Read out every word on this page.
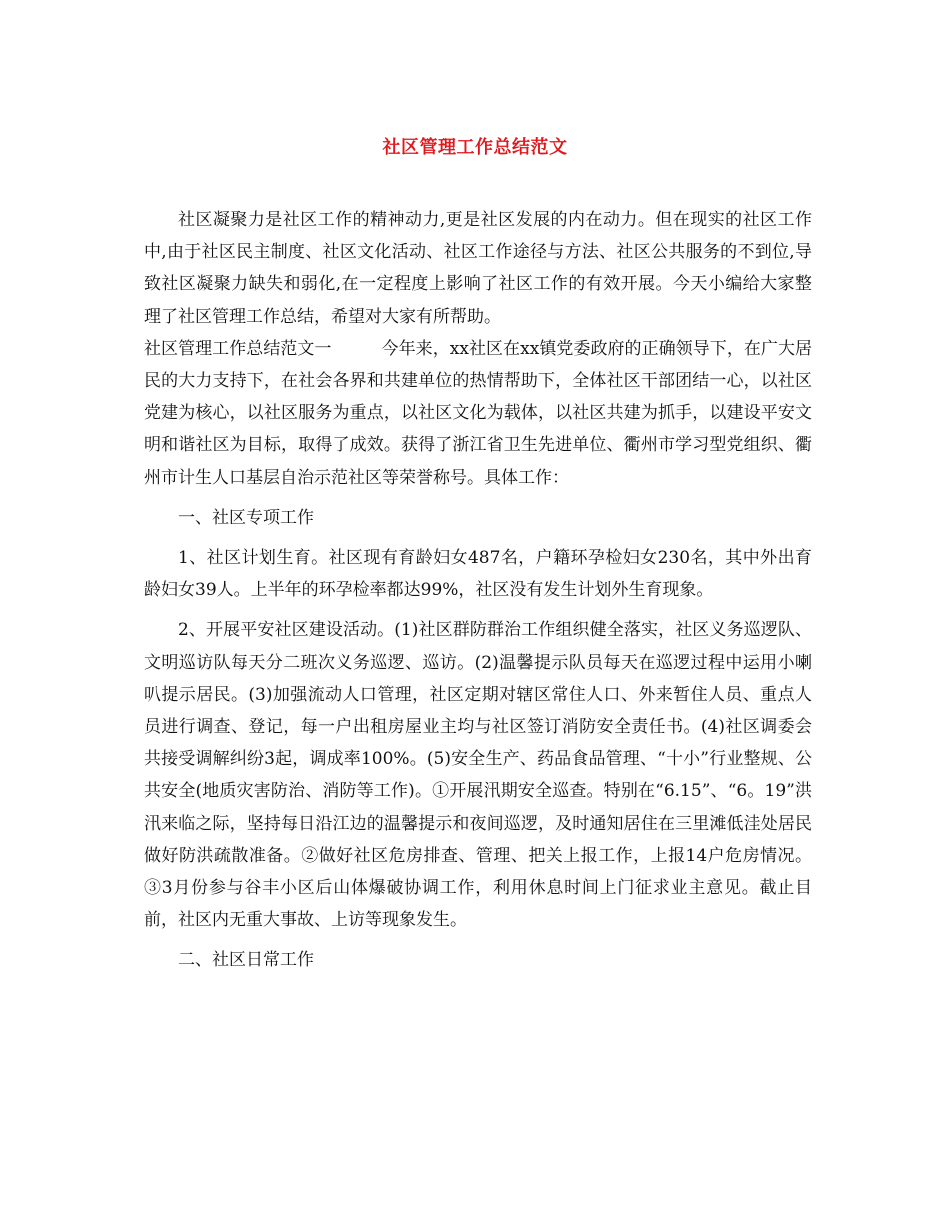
社区管理工作总结范文

社区凝聚力是社区工作的精神动力,更是社区发展的内在动力。但在现实的社区工作中,由于社区民主制度、社区文化活动、社区工作途径与方法、社区公共服务的不到位,导致社区凝聚力缺失和弱化,在一定程度上影响了社区工作的有效开展。今天小编给大家整理了社区管理工作总结，希望对大家有所帮助。

社区管理工作总结范文一	今年来，xx社区在xx镇党委政府的正确领导下，在广大居民的大力支持下，在社会各界和共建单位的热情帮助下，全体社区干部团结一心，以社区党建为核心，以社区服务为重点，以社区文化为载体，以社区共建为抓手，以建设平安文明和谐社区为目标，取得了成效。获得了浙江省卫生先进单位、衢州市学习型党组织、衢州市计生人口基层自治示范社区等荣誉称号。具体工作：

一、社区专项工作

1、社区计划生育。社区现有育龄妇女487名，户籍环孕检妇女230名，其中外出育龄妇女39人。上半年的环孕检率都达99%，社区没有发生计划外生育现象。

2、开展平安社区建设活动。(1)社区群防群治工作组织健全落实，社区义务巡逻队、文明巡访队每天分二班次义务巡逻、巡访。(2)温馨提示队员每天在巡逻过程中运用小喇叭提示居民。(3)加强流动人口管理，社区定期对辖区常住人口、外来暂住人员、重点人员进行调查、登记，每一户出租房屋业主均与社区签订消防安全责任书。(4)社区调委会共接受调解纠纷3起，调成率100%。(5)安全生产、药品食品管理、“十小”行业整规、公共安全(地质灾害防治、消防等工作)。①开展汛期安全巡查。特别在“6.15”、“6。19”洪汛来临之际，坚持每日沿江边的温馨提示和夜间巡逻，及时通知居住在三里滩低洼处居民做好防洪疏散准备。②做好社区危房排查、管理、把关上报工作，上报14户危房情况。 ③3月份参与谷丰小区后山体爆破协调工作，利用休息时间上门征求业主意见。截止目前，社区内无重大事故、上访等现象发生。

二、社区日常工作
